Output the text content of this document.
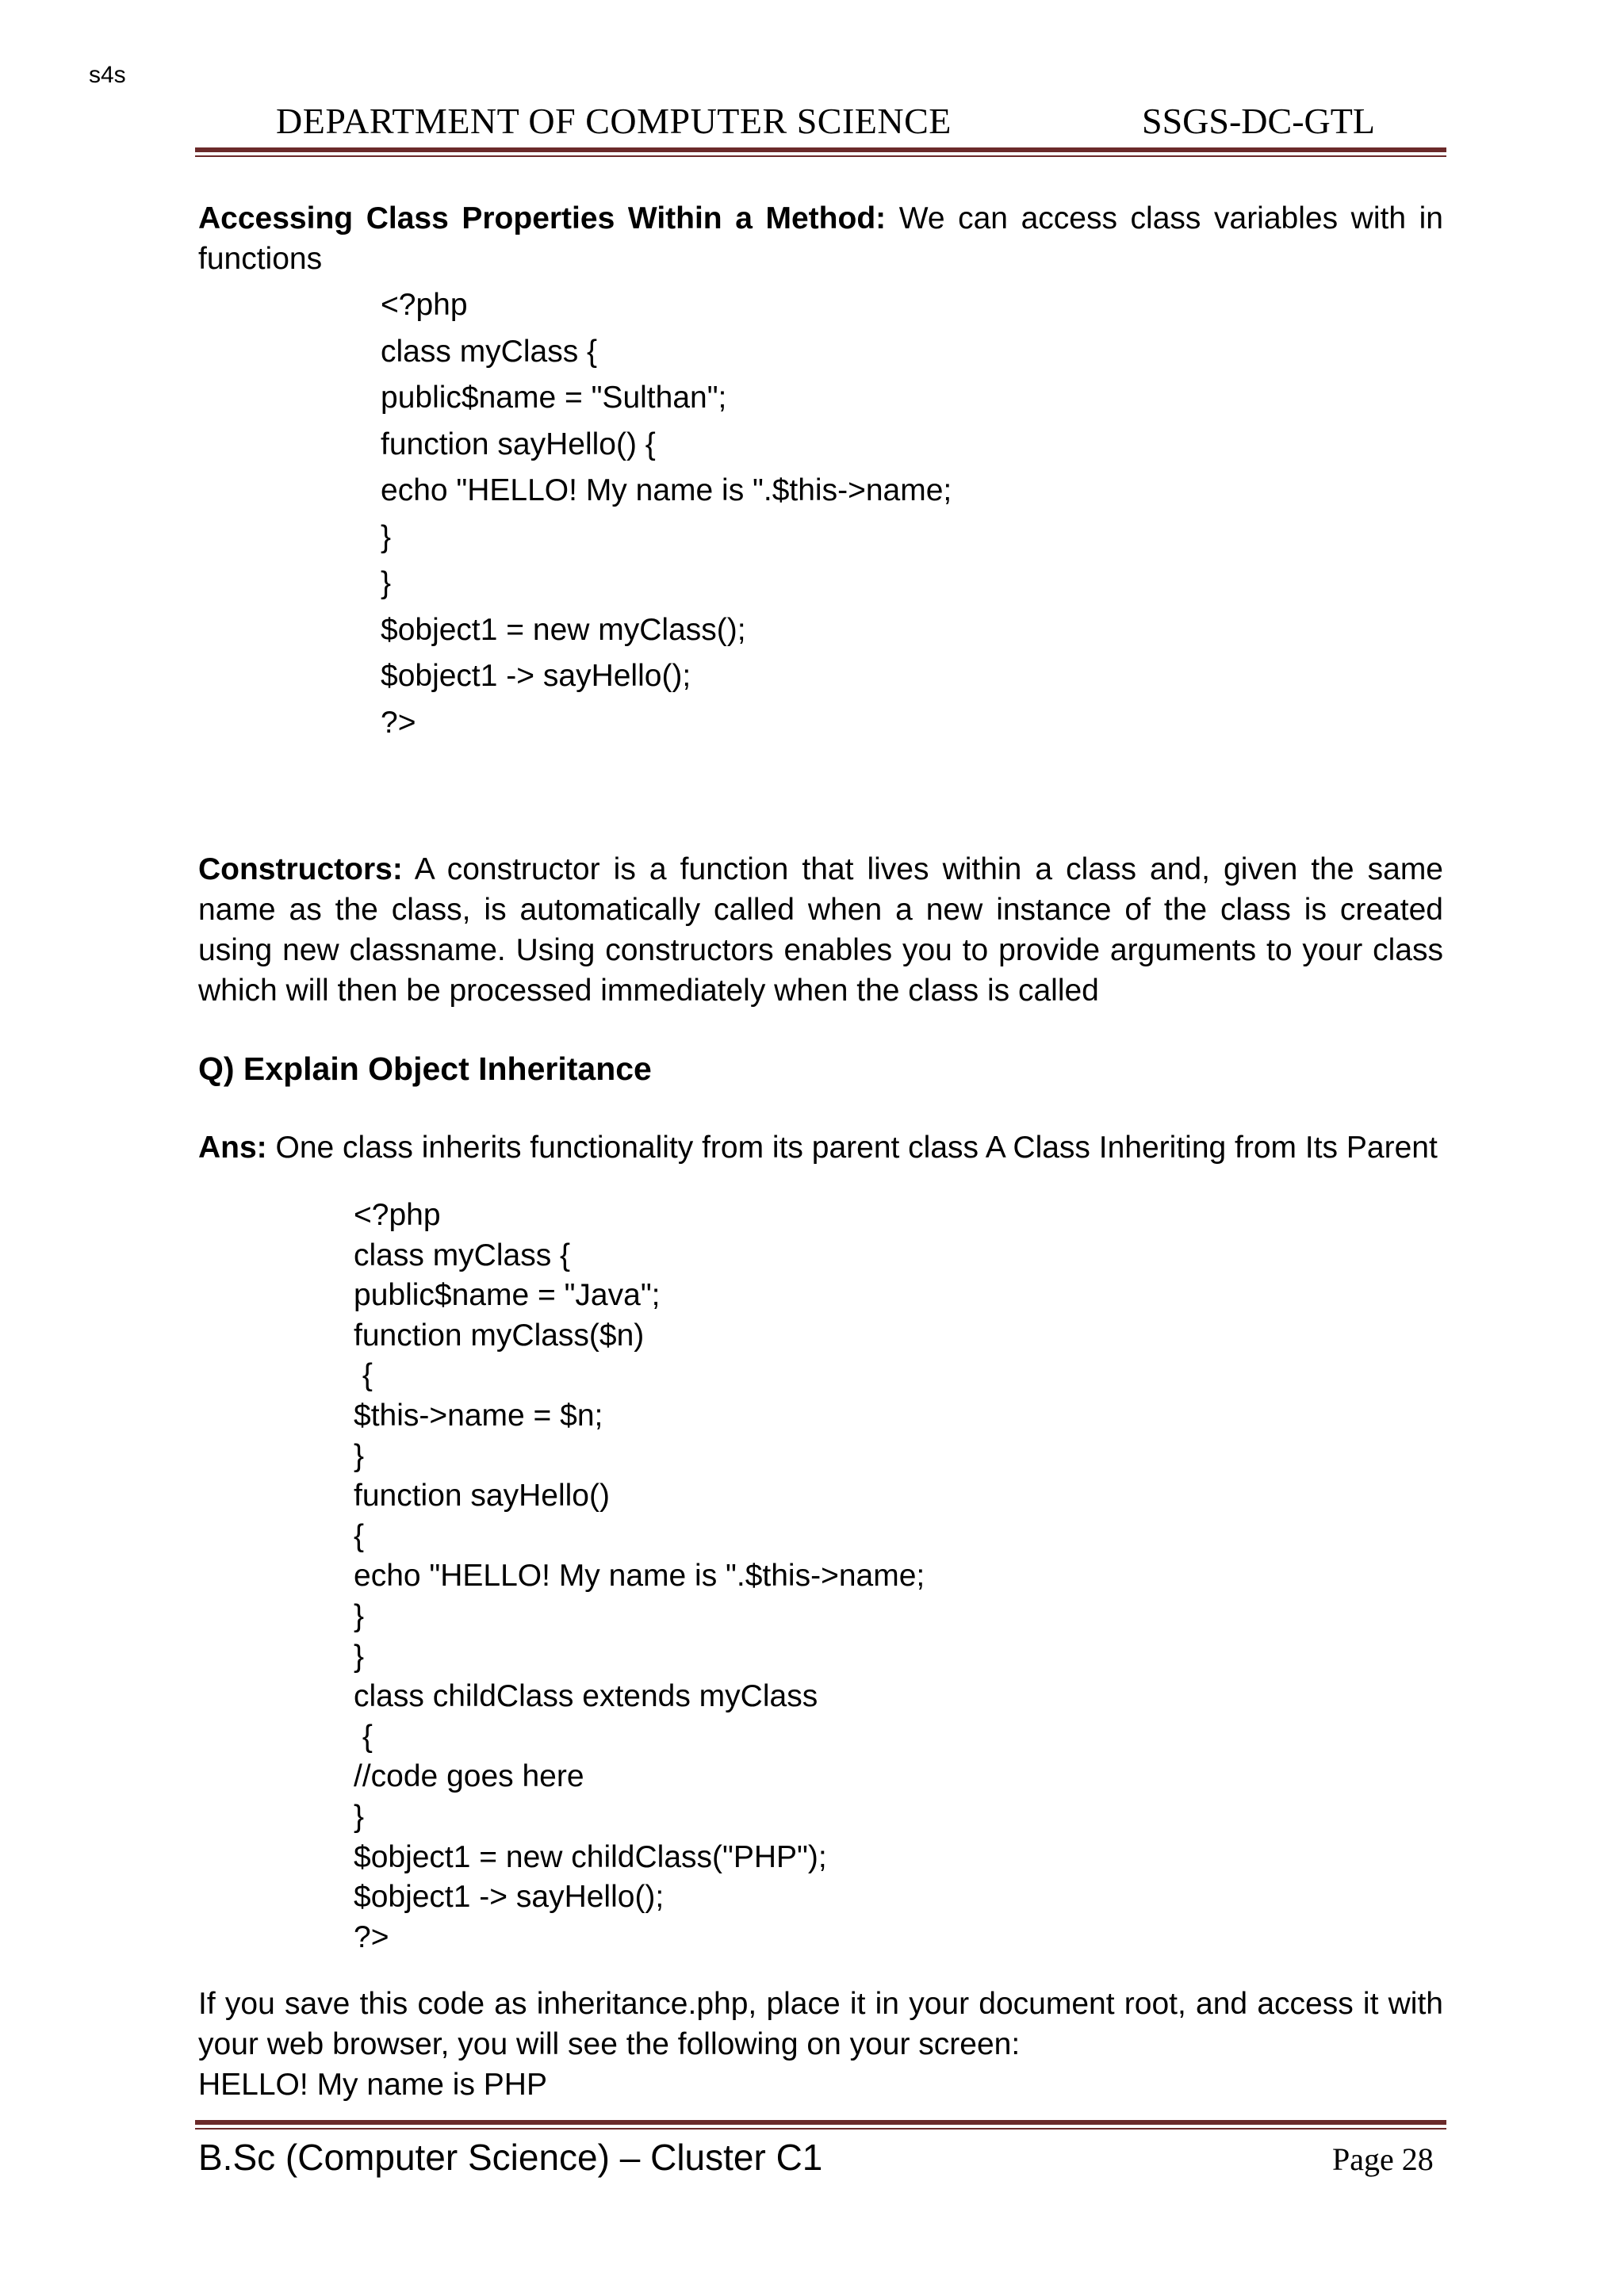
s4s
DEPARTMENT OF COMPUTER SCIENCE	SSGS-DC-GTL
Accessing Class Properties Within a Method: We can access class variables with in functions
<?php
class myClass {
public$name = "Sulthan";
function sayHello() {
echo "HELLO! My name is ".$this->name;
}
}
$object1 = new myClass();
$object1 -> sayHello();
?>
Constructors: A constructor is a function that lives within a class and, given the same name as the class, is automatically called when a new instance of the class is created using new classname. Using constructors enables you to provide arguments to your class which will then be processed immediately when the class is called
Q) Explain Object Inheritance
Ans: One class inherits functionality from its parent class A Class Inheriting from Its Parent
<?php
class myClass {
public$name = "Java";
function myClass($n)
{
$this->name = $n;
}
function sayHello()
{
echo "HELLO! My name is ".$this->name;
}
}
class childClass extends myClass
{
//code goes here
}
$object1 = new childClass("PHP");
$object1 -> sayHello();
?>
If you save this code as inheritance.php, place it in your document root, and access it with your web browser, you will see the following on your screen:
HELLO! My name is PHP
B.Sc (Computer Science) – Cluster C1	Page 28
